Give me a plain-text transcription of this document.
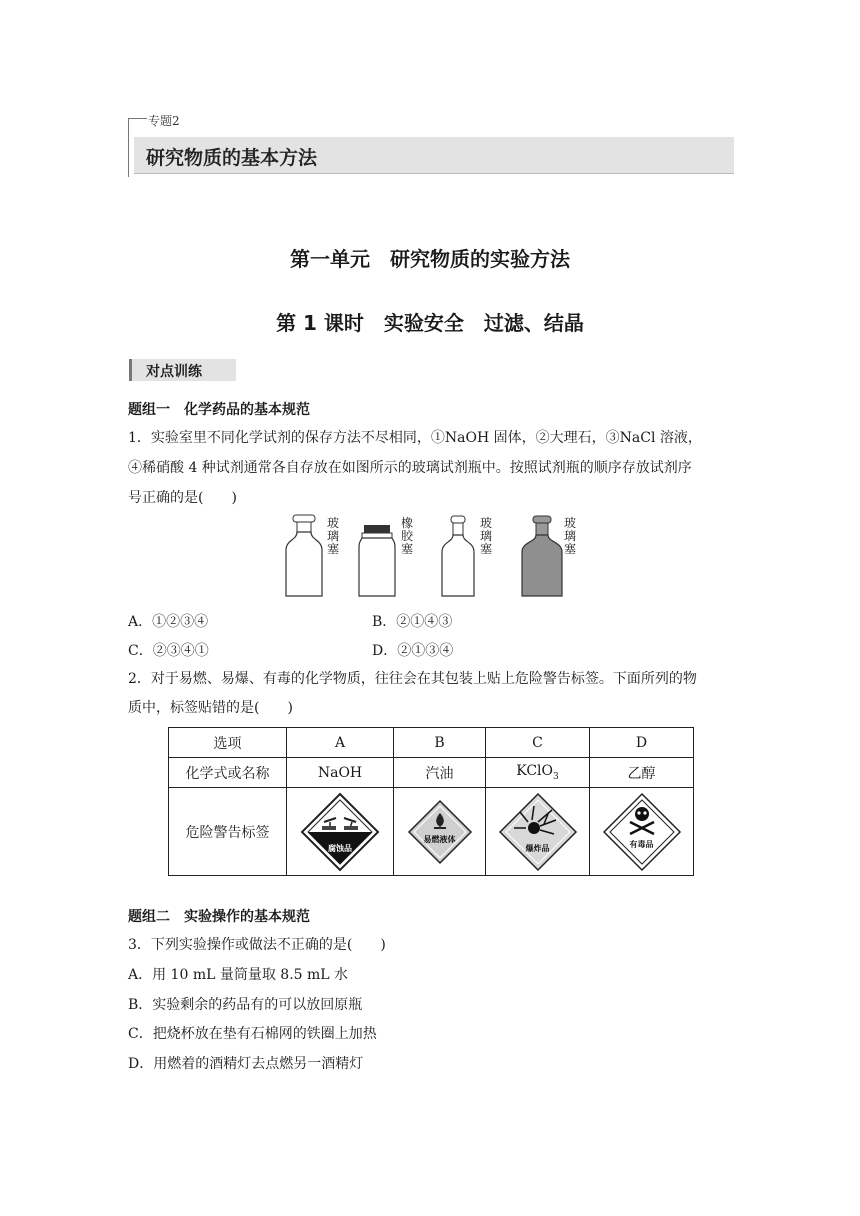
专题2
研究物质的基本方法
第一单元　研究物质的实验方法
第 1 课时　实验安全　过滤、结晶
对点训练
题组一　化学药品的基本规范
1．实验室里不同化学试剂的保存方法不尽相同，①NaOH 固体，②大理石，③NaCl 溶液，
④稀硝酸 4 种试剂通常各自存放在如图所示的玻璃试剂瓶中。按照试剂瓶的顺序存放试剂序
号正确的是(　　)
玻璃塞
橡胶塞
玻璃塞
玻璃塞
A．①②③④	B．②①④③
C．②③④①	D．②①③④
2．对于易燃、易爆、有毒的化学物质，往往会在其包装上贴上危险警告标签。下面所列的物
质中，标签贴错的是(　　)
选项	A	B	C	D
化学式或名称	NaOH	汽油	KClO$_3$	乙醇
危险警告标签	腐蚀品	易燃液体	爆炸品	有毒品
题组二　实验操作的基本规范
3．下列实验操作或做法不正确的是(　　)
A．用 10 mL 量筒量取 8.5 mL 水
B．实验剩余的药品有的可以放回原瓶
C．把烧杯放在垫有石棉网的铁圈上加热
D．用燃着的酒精灯去点燃另一酒精灯
